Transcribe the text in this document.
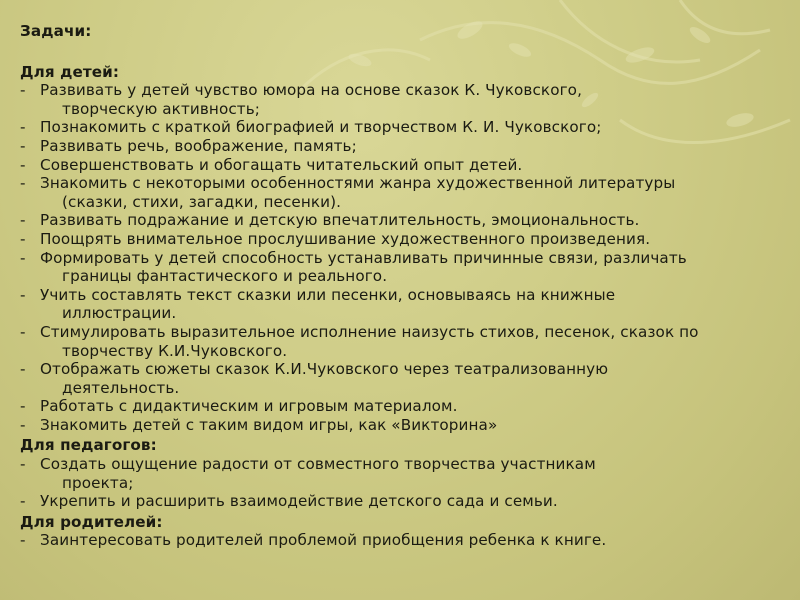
Задачи:
Для детей:
- Развивать у детей чувство юмора на основе сказок К. Чуковского,
творческую активность;
- Познакомить с краткой биографией и творчеством К. И. Чуковского;
- Развивать речь, воображение, память;
- Совершенствовать и обогащать читательский опыт детей.
- Знакомить с некоторыми особенностями жанра художественной литературы
(сказки, стихи, загадки, песенки).
- Развивать подражание и детскую впечатлительность, эмоциональность.
- Поощрять внимательное прослушивание художественного произведения.
- Формировать у детей способность устанавливать причинные связи, различать
границы фантастического и реального.
- Учить составлять текст сказки или песенки, основываясь на книжные
иллюстрации.
- Стимулировать выразительное исполнение наизусть стихов, песенок, сказок по
творчеству К.И.Чуковского.
- Отображать сюжеты сказок К.И.Чуковского через театрализованную
деятельность.
- Работать с дидактическим и игровым материалом.
- Знакомить детей с таким видом игры, как «Викторина»
Для педагогов:
- Создать ощущение радости от совместного творчества участникам
проекта;
- Укрепить и расширить взаимодействие детского сада и семьи.
Для родителей:
- Заинтересовать родителей проблемой приобщения ребенка к книге.
